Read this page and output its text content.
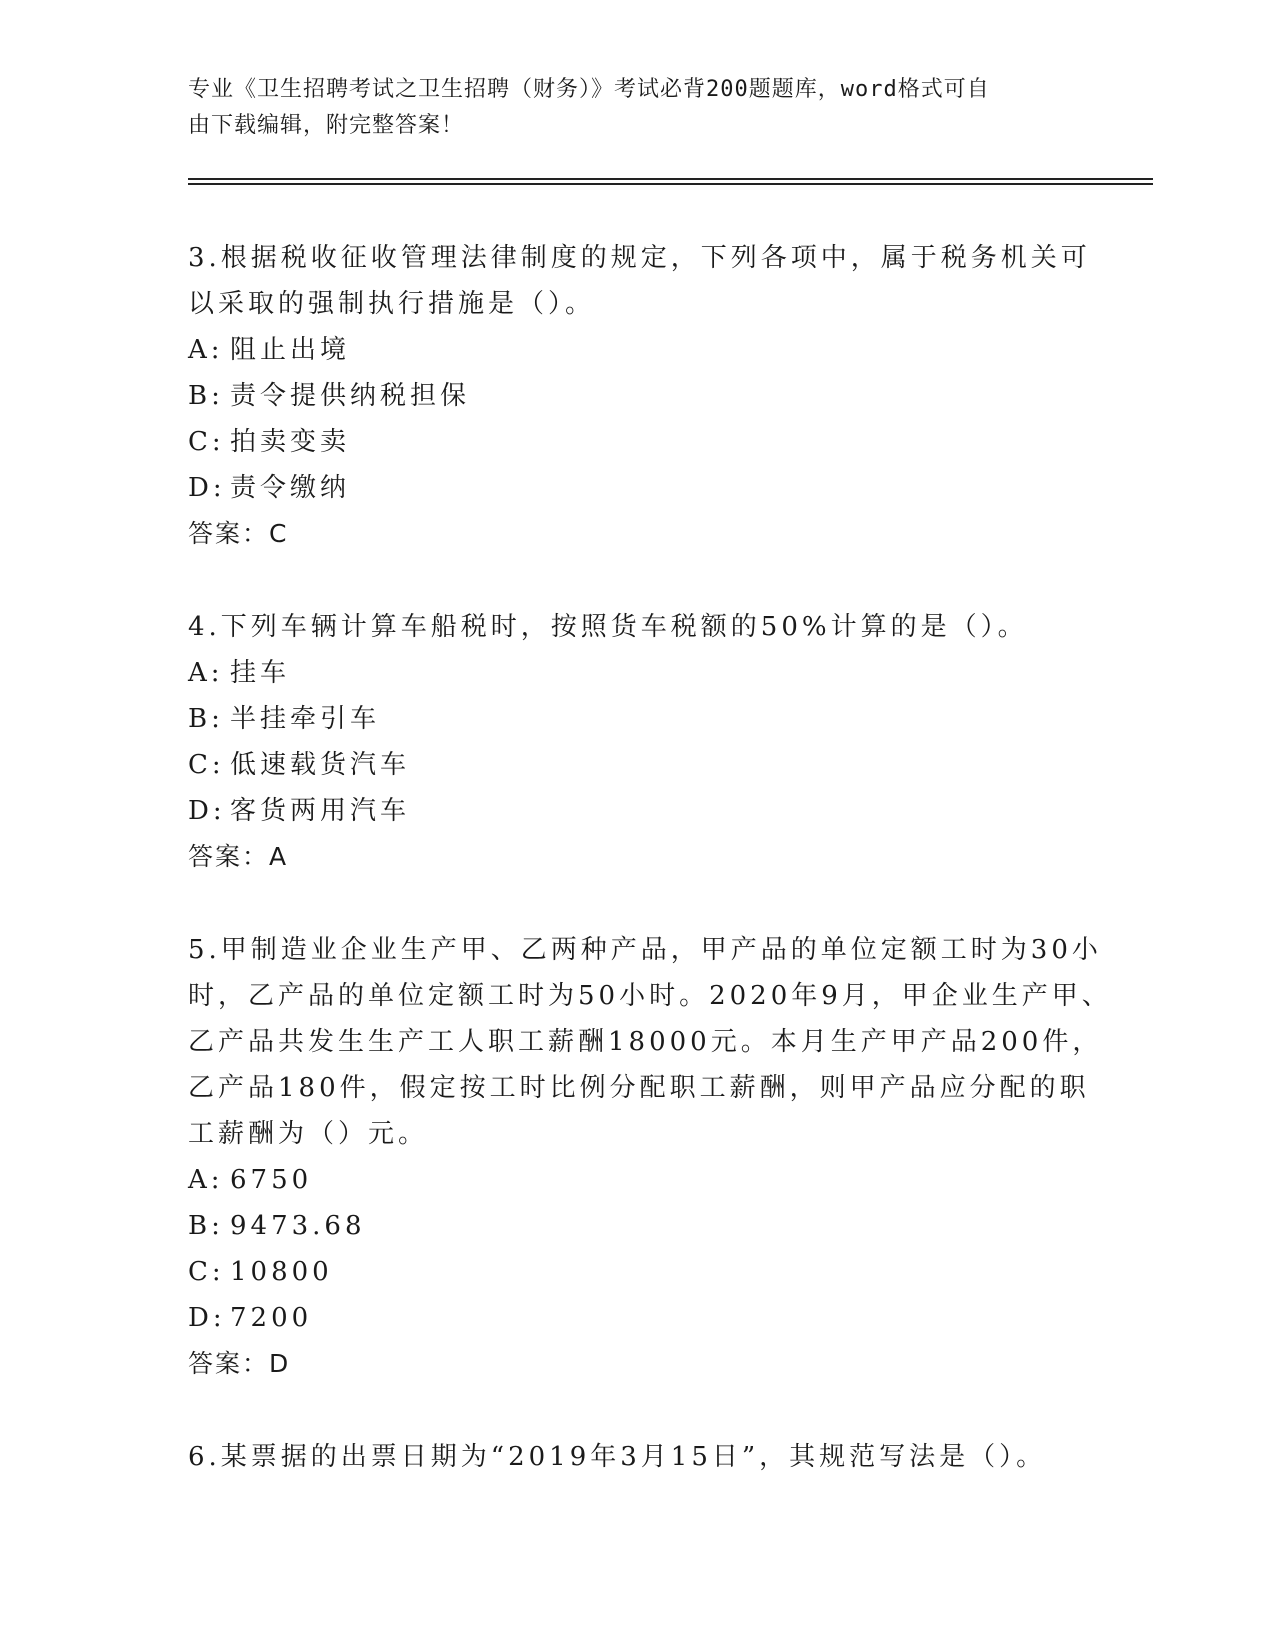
专业《卫生招聘考试之卫生招聘（财务）》考试必背200题题库，word格式可自
由下载编辑，附完整答案！
3.根据税收征收管理法律制度的规定，下列各项中，属于税务机关可
以采取的强制执行措施是（）。
A: 阻止出境
B: 责令提供纳税担保
C: 拍卖变卖
D: 责令缴纳
答案：C
4.下列车辆计算车船税时，按照货车税额的50%计算的是（）。
A: 挂车
B: 半挂牵引车
C: 低速载货汽车
D: 客货两用汽车
答案：A
5.甲制造业企业生产甲、乙两种产品，甲产品的单位定额工时为30小
时，乙产品的单位定额工时为50小时。2020年9月，甲企业生产甲、
乙产品共发生生产工人职工薪酬18000元。本月生产甲产品200件，
乙产品180件，假定按工时比例分配职工薪酬，则甲产品应分配的职
工薪酬为（）元。
A: 6750
B: 9473.68
C: 10800
D: 7200
答案：D
6.某票据的出票日期为“2019年3月15日”，其规范写法是（）。
